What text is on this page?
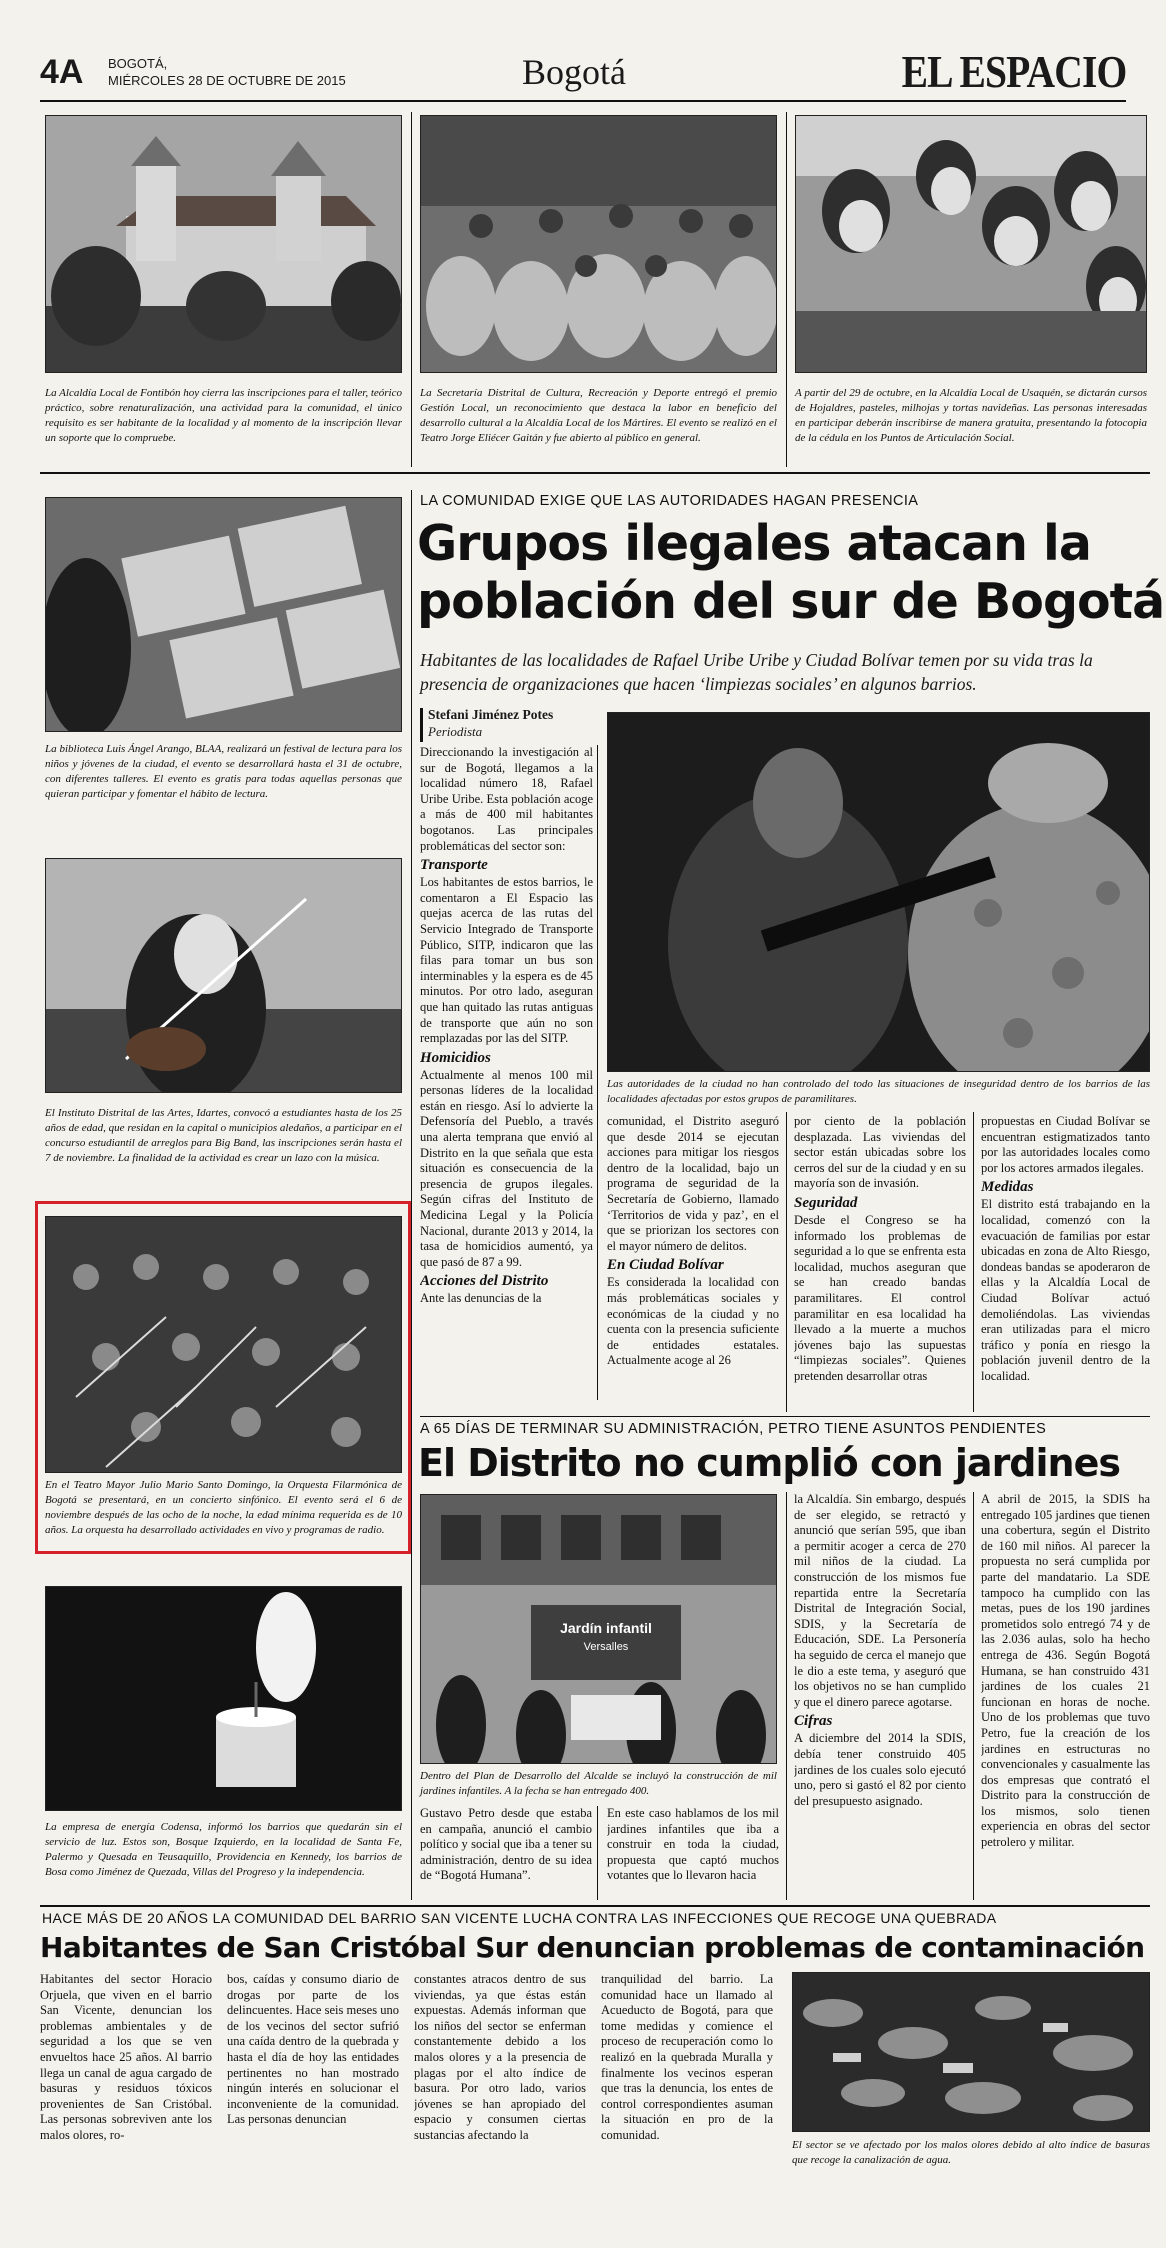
4A BOGOTÁ,
MIÉRCOLES 28 DE OCTUBRE DE 2015	Bogotá	EL ESPACIO
La Alcaldía Local de Fontibón hoy cierra las inscripciones para el taller, teórico práctico, sobre renaturalización, una actividad para la comunidad, el único requisito es ser habitante de la localidad y al momento de la inscripción llevar un soporte que lo compruebe.
La Secretaría Distrital de Cultura, Recreación y Deporte entregó el premio Gestión Local, un reconocimiento que destaca la labor en beneficio del desarrollo cultural a la Alcaldía Local de los Mártires. El evento se realizó en el Teatro Jorge Eliécer Gaitán y fue abierto al público en general.
A partir del 29 de octubre, en la Alcaldía Local de Usaquén, se dictarán cursos de Hojaldres, pasteles, milhojas y tortas navideñas. Las personas interesadas en participar deberán inscribirse de manera gratuita, presentando la fotocopia de la cédula en los Puntos de Articulación Social.
La biblioteca Luis Ángel Arango, BLAA, realizará un festival de lectura para los niños y jóvenes de la ciudad, el evento se desarrollará hasta el 31 de octubre, con diferentes talleres. El evento es gratis para todas aquellas personas que quieran participar y fomentar el hábito de lectura.
El Instituto Distrital de las Artes, Idartes, convocó a estudiantes hasta de los 25 años de edad, que residan en la capital o municipios aledaños, a participar en el concurso estudiantil de arreglos para Big Band, las inscripciones serán hasta el 7 de noviembre. La finalidad de la actividad es crear un lazo con la música.
En el Teatro Mayor Julio Mario Santo Domingo, la Orquesta Filarmónica de Bogotá se presentará, en un concierto sinfónico. El evento será el 6 de noviembre después de las ocho de la noche, la edad mínima requerida es de 10 años. La orquesta ha desarrollado actividades en vivo y programas de radio.
La empresa de energía Codensa, informó los barrios que quedarán sin el servicio de luz. Estos son, Bosque Izquierdo, en la localidad de Santa Fe, Palermo y Quesada en Teusaquillo, Providencia en Kennedy, los barrios de Bosa como Jiménez de Quezada, Villas del Progreso y la independencia.
LA COMUNIDAD EXIGE QUE LAS AUTORIDADES HAGAN PRESENCIA
Grupos ilegales atacan la
población del sur de Bogotá
Habitantes de las localidades de Rafael Uribe Uribe y Ciudad Bolívar temen por su vida tras la presencia de organizaciones que hacen ‘limpiezas sociales’ en algunos barrios.
Stefani Jiménez Potes
Periodista

Direccionando la investigación al sur de Bogotá, llegamos a la localidad número 18, Rafael Uribe Uribe. Esta población acoge a más de 400 mil habitantes bogotanos. Las principales problemáticas del sector son:

Transporte

Los habitantes de estos barrios, le comentaron a El Espacio las quejas acerca de las rutas del Servicio Integrado de Transporte Público, SITP, indicaron que las filas para tomar un bus son interminables y la espera es de 45 minutos. Por otro lado, aseguran que han quitado las rutas antiguas de transporte que aún no son remplazadas por las del SITP.

Homicidios

Actualmente al menos 100 mil personas líderes de la localidad están en riesgo. Así lo advierte la Defensoría del Pueblo, a través una alerta temprana que envió al Distrito en la que señala que esta situación es consecuencia de la presencia de grupos ilegales. Según cifras del Instituto de Medicina Legal y la Policía Nacional, durante 2013 y 2014, la tasa de homicidios aumentó, ya que pasó de 87 a 99.

Acciones del Distrito

Ante las denuncias de la

Las autoridades de la ciudad no han controlado del todo las situaciones de inseguridad dentro de los barrios de las localidades afectadas por estos grupos de paramilitares.

comunidad, el Distrito aseguró que desde 2014 se ejecutan acciones para mitigar los riesgos dentro de la localidad, bajo un programa de seguridad de la Secretaría de Gobierno, llamado ‘Territorios de vida y paz’, en el que se priorizan los sectores con el mayor número de delitos.

En Ciudad Bolívar

Es considerada la localidad con más problemáticas sociales y económicas de la ciudad y no cuenta con la presencia suficiente de entidades estatales. Actualmente acoge al 26

por ciento de la población desplazada. Las viviendas del sector están ubicadas sobre los cerros del sur de la ciudad y en su mayoría son de invasión.

Seguridad

Desde el Congreso se ha informado los problemas de seguridad a lo que se enfrenta esta localidad, muchos aseguran que se han creado bandas paramilitares. El control paramilitar en esa localidad ha llevado a la muerte a muchos jóvenes bajo las supuestas “limpiezas sociales”. Quienes pretenden desarrollar otras

propuestas en Ciudad Bolívar se encuentran estigmatizados tanto por las autoridades locales como por los actores armados ilegales.

Medidas

El distrito está trabajando en la localidad, comenzó con la evacuación de familias por estar ubicadas en zona de Alto Riesgo, dondeas bandas se apoderaron de ellas y la Alcaldía Local de Ciudad Bolívar actuó demoliéndolas. Las viviendas eran utilizadas para el micro tráfico y ponía en riesgo la población juvenil dentro de la localidad.

A 65 DÍAS DE TERMINAR SU ADMINISTRACIÓN, PETRO TIENE ASUNTOS PENDIENTES
El Distrito no cumplió con jardines
Jardín infantil
Versalles
Dentro del Plan de Desarrollo del Alcalde se incluyó la construcción de mil jardines infantiles. A la fecha se han entregado 400.

Gustavo Petro desde que estaba en campaña, anunció el cambio político y social que iba a tener su administración, dentro de su idea de “Bogotá Humana”.

En este caso hablamos de los mil jardines infantiles que iba a construir en toda la ciudad, propuesta que captó muchos votantes que lo llevaron hacia

la Alcaldía. Sin embargo, después de ser elegido, se retractó y anunció que serían 595, que iban a permitir acoger a cerca de 270 mil niños de la ciudad. La construcción de los mismos fue repartida entre la Secretaría Distrital de Integración Social, SDIS, y la Secretaría de Educación, SDE. La Personería ha seguido de cerca el manejo que le dio a este tema, y aseguró que los objetivos no se han cumplido y que el dinero parece agotarse.

Cifras

A diciembre del 2014 la SDIS, debía tener construido 405 jardines de los cuales solo ejecutó uno, pero si gastó el 82 por ciento del presupuesto asignado.

A abril de 2015, la SDIS ha entregado 105 jardines que tienen una cobertura, según el Distrito de 160 mil niños. Al parecer la propuesta no será cumplida por parte del mandatario. La SDE tampoco ha cumplido con las metas, pues de los 190 jardines prometidos solo entregó 74 y de las 2.036 aulas, solo ha hecho entrega de 436. Según Bogotá Humana, se han construido 431 jardines de los cuales 21 funcionan en horas de noche. Uno de los problemas que tuvo Petro, fue la creación de los jardines en estructuras no convencionales y casualmente las dos empresas que contrató el Distrito para la construcción de los mismos, solo tienen experiencia en obras del sector petrolero y militar.

HACE MÁS DE 20 AÑOS LA COMUNIDAD DEL BARRIO SAN VICENTE LUCHA CONTRA LAS INFECCIONES QUE RECOGE UNA QUEBRADA
Habitantes de San Cristóbal Sur denuncian problemas de contaminación

Habitantes del sector Horacio Orjuela, que viven en el barrio San Vicente, denuncian los problemas ambientales y de seguridad a los que se ven envueltos hace 25 años. Al barrio llega un canal de agua cargado de basuras y residuos tóxicos provenientes de San Cristóbal. Las personas sobreviven ante los malos olores, ro-

bos, caídas y consumo diario de drogas por parte de los delincuentes. Hace seis meses uno de los vecinos del sector sufrió una caída dentro de la quebrada y hasta el día de hoy las entidades pertinentes no han mostrado ningún interés en solucionar el inconveniente de la comunidad. Las personas denuncian

constantes atracos dentro de sus viviendas, ya que éstas están expuestas. Además informan que los niños del sector se enferman constantemente debido a los malos olores y a la presencia de plagas por el alto índice de basura. Por otro lado, varios jóvenes se han apropiado del espacio y consumen ciertas sustancias afectando la

tranquilidad del barrio. La comunidad hace un llamado al Acueducto de Bogotá, para que tome medidas y comience el proceso de recuperación como lo realizó en la quebrada Muralla y finalmente los vecinos esperan que tras la denuncia, los entes de control correspondientes asuman la situación en pro de la comunidad.

El sector se ve afectado por los malos olores debido al alto índice de basuras que recoge la canalización de agua.
